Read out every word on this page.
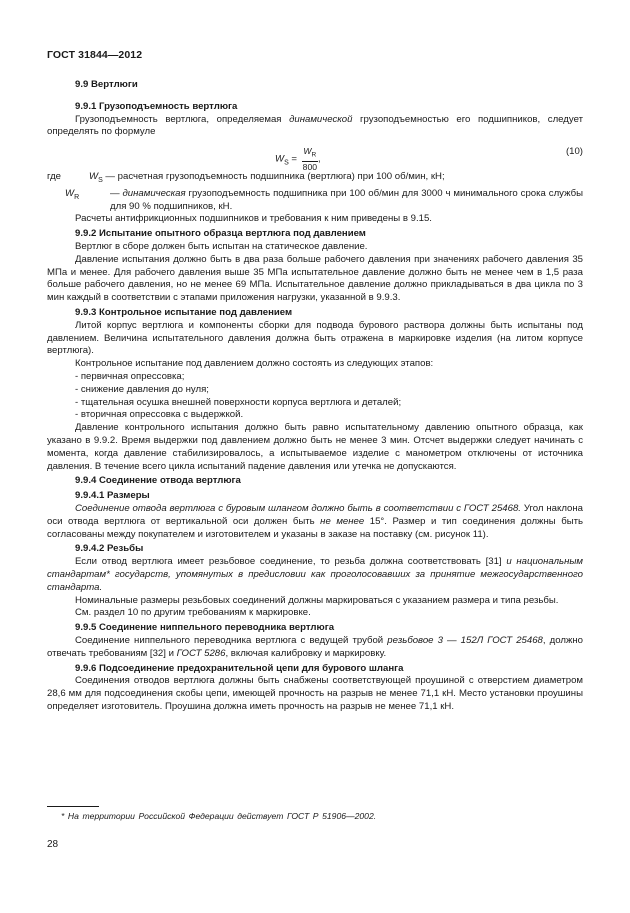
ГОСТ 31844—2012
9.9 Вертлюги
9.9.1 Грузоподъемность вертлюга

Грузоподъемность вертлюга, определяемая динамической грузоподъемностью его подшипников, следует определять по формуле

$W_S = \frac{W_R}{800}$ ,
(10)
где	$W_S$ — расчетная грузоподъемность подшипника (вертлюга) при 100 об/мин, кН;
$W_R$	— динамическая грузоподъемность подшипника при 100 об/мин для 3000 ч минимального срока службы для 90 % подшипников, кН.

Расчеты антифрикционных подшипников и требования к ним приведены в 9.15.

9.9.2 Испытание опытного образца вертлюга под давлением

Вертлюг в сборе должен быть испытан на статическое давление.

Давление испытания должно быть в два раза больше рабочего давления при значениях рабочего давления 35 МПа и менее. Для рабочего давления выше 35 МПа испытательное давление должно быть не менее чем в 1,5 раза больше рабочего давления, но не менее 69 МПа. Испытательное давление должно прикладываться в два цикла по 3 мин каждый в соответствии с этапами приложения нагрузки, указанной в 9.9.3.

9.9.3 Контрольное испытание под давлением

Литой корпус вертлюга и компоненты сборки для подвода бурового раствора должны быть испытаны под давлением. Величина испытательного давления должна быть отражена в маркировке изделия (на литом корпусе вертлюга).

Контрольное испытание под давлением должно состоять из следующих этапов:

- первичная опрессовка;
- снижение давления до нуля;
- тщательная осушка внешней поверхности корпуса вертлюга и деталей;
- вторичная опрессовка с выдержкой.

Давление контрольного испытания должно быть равно испытательному давлению опытного образца, как указано в 9.9.2. Время выдержки под давлением должно быть не менее 3 мин. Отсчет выдержки следует начинать с момента, когда давление стабилизировалось, а испытываемое изделие с манометром отключены от источника давления. В течение всего цикла испытаний падение давления или утечка не допускаются.

9.9.4 Соединение отвода вертлюга
9.9.4.1 Размеры

Соединение отвода вертлюга с буровым шлангом должно быть в соответствии с ГОСТ 25468. Угол наклона оси отвода вертлюга от вертикальной оси должен быть не менее 15°. Размер и тип соединения должны быть согласованы между покупателем и изготовителем и указаны в заказе на поставку (см. рисунок 11).

9.9.4.2 Резьбы

Если отвод вертлюга имеет резьбовое соединение, то резьба должна соответствовать [31] и национальным стандартам* государств, упомянутых в предисловии как проголосовавших за принятие межгосударственного стандарта.

Номинальные размеры резьбовых соединений должны маркироваться с указанием размера и типа резьбы.

См. раздел 10 по другим требованиям к маркировке.

9.9.5 Соединение ниппельного переводника вертлюга

Соединение ниппельного переводника вертлюга с ведущей трубой резьбовое 3 — 152Л ГОСТ 25468, должно отвечать требованиям [32] и ГОСТ 5286, включая калибровку и маркировку.

9.9.6 Подсоединение предохранительной цепи для бурового шланга

Соединения отводов вертлюга должны быть снабжены соответствующей проушиной с отверстием диаметром 28,6 мм для подсоединения скобы цепи, имеющей прочность на разрыв не менее 71,1 кН. Место установки проушины определяет изготовитель. Проушина должна иметь прочность на разрыв не менее 71,1 кН.

* На территории Российской Федерации действует ГОСТ Р 51906—2002.
28
